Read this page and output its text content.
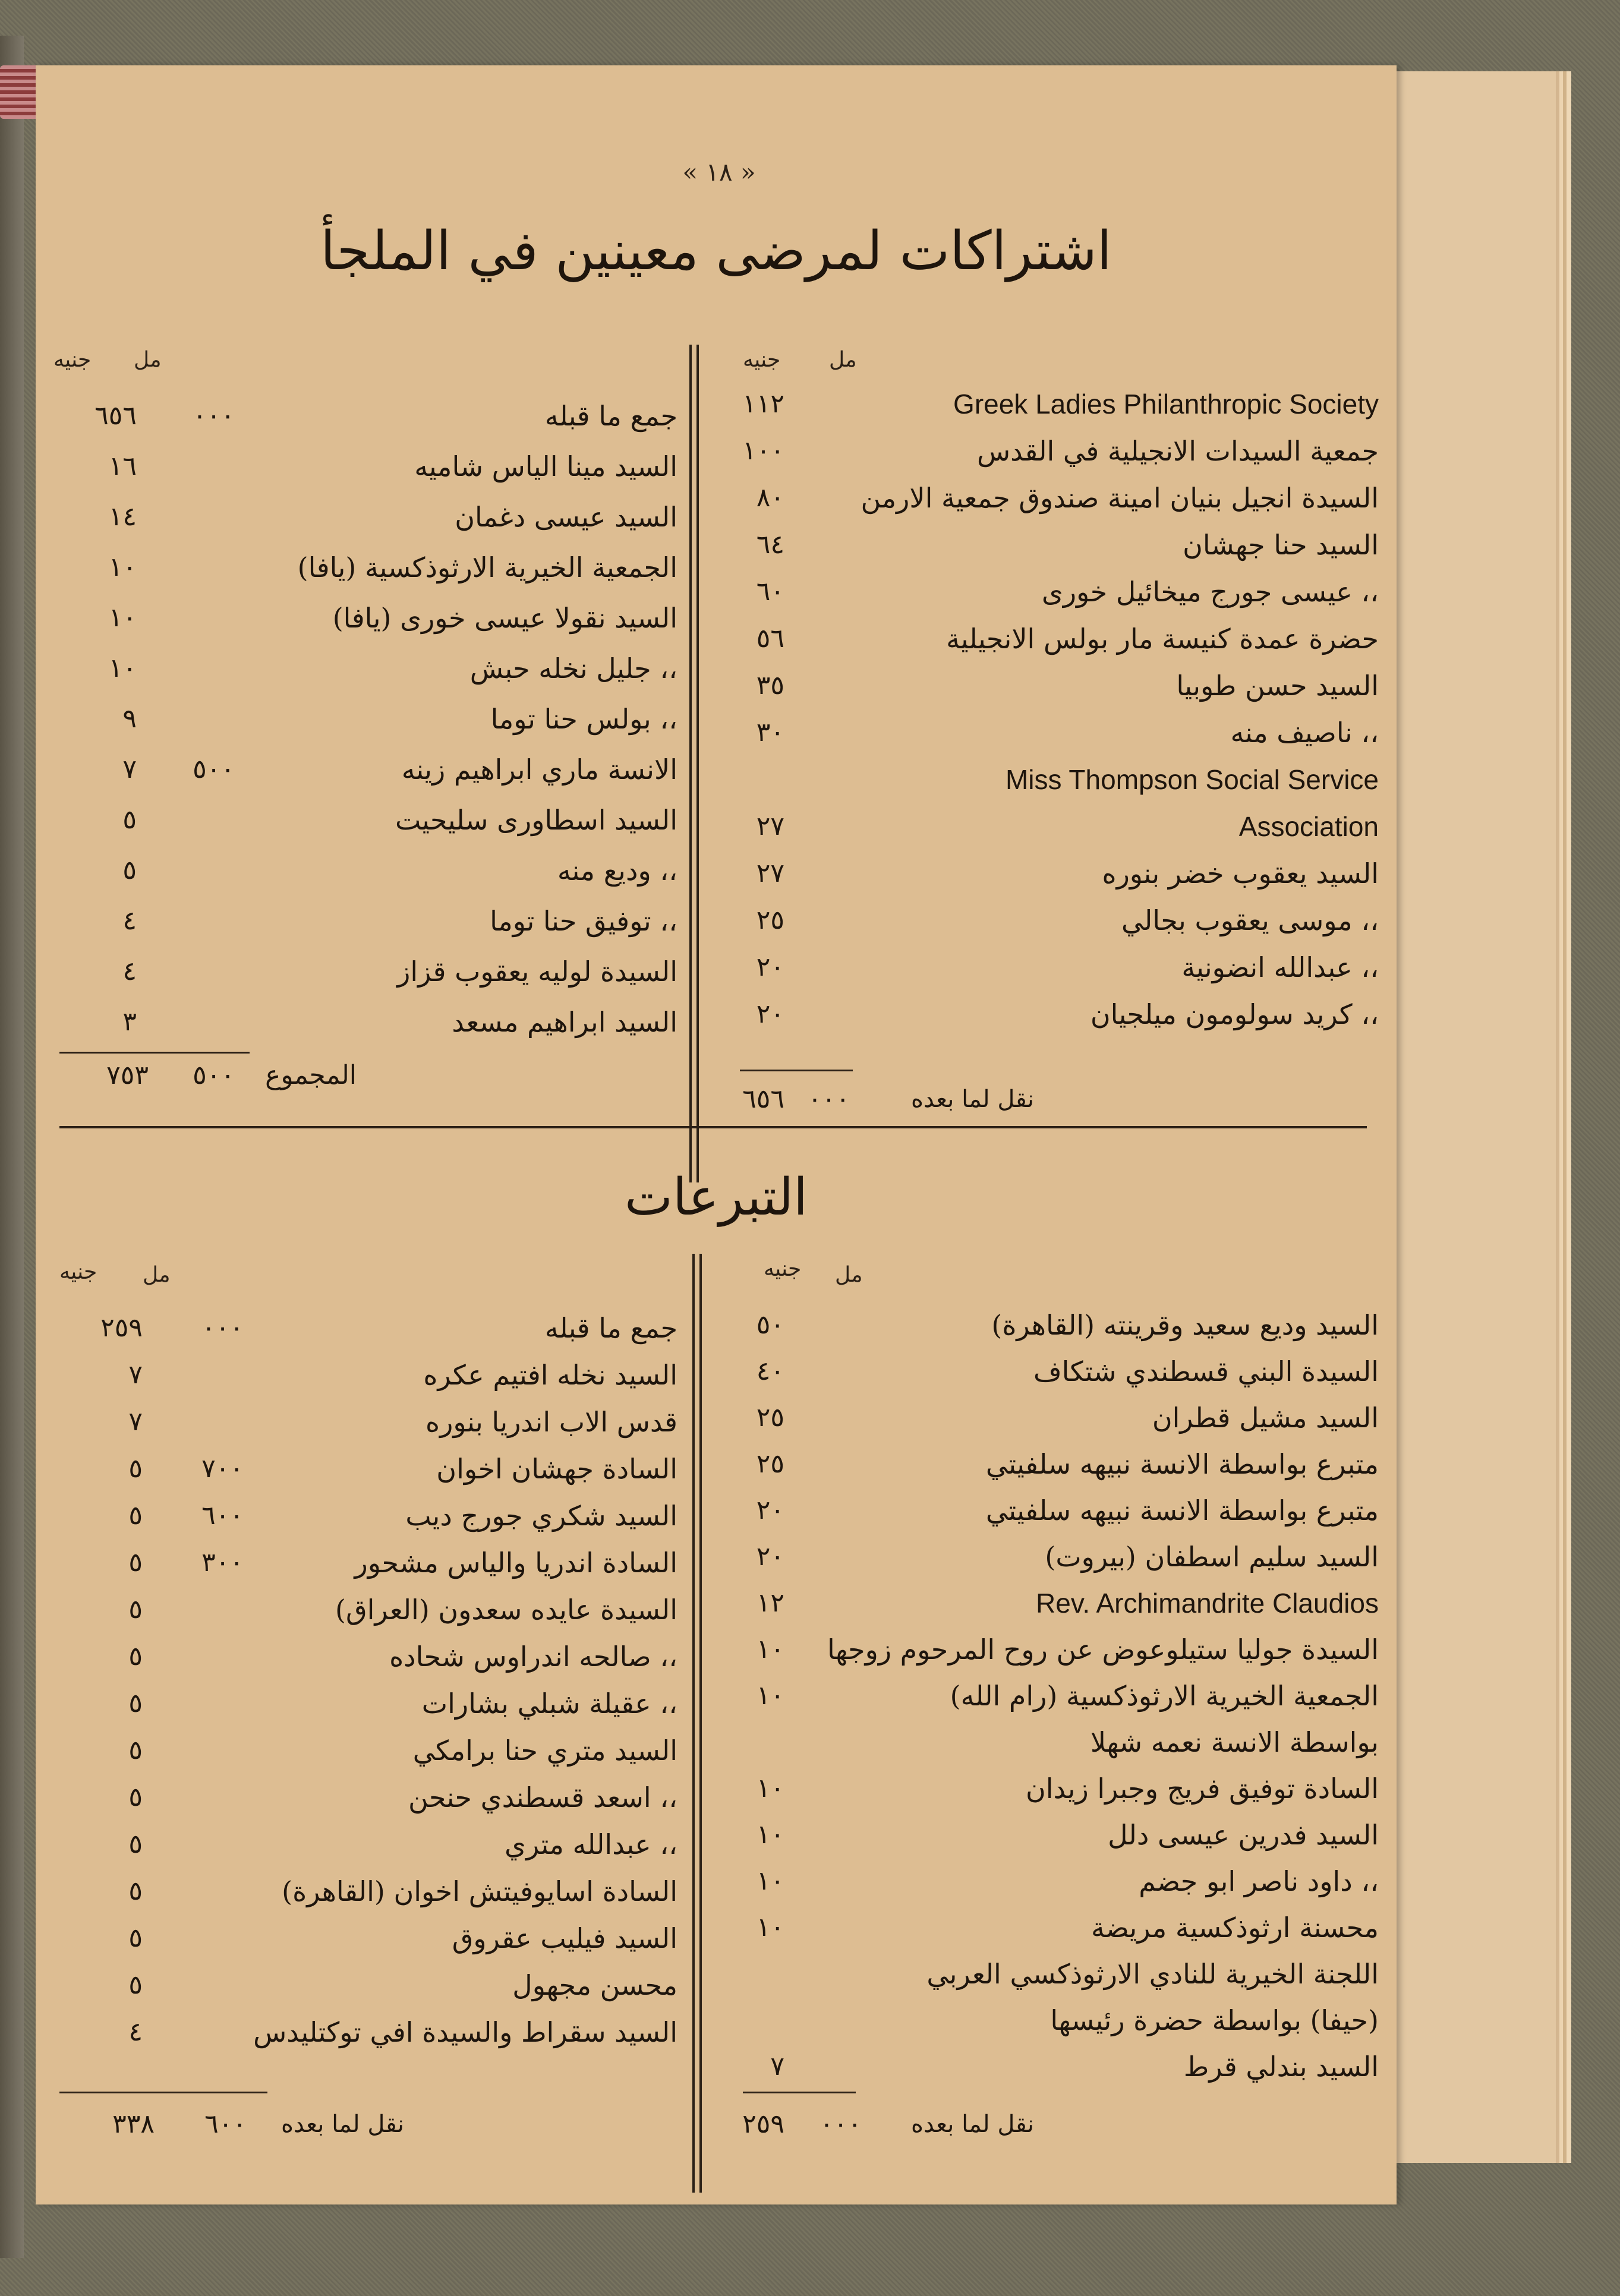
« ١٨ »
اشتراكات لمرضى معينين في الملجأ
جنيه مل
جنيه مل
Greek Ladies Philanthropic Society
١١٢
جمعية السيدات الانجيلية في القدس
١٠٠
السيدة انجيل بنيان امينة صندوق جمعية الارمن
٨٠
السيد حنا جهشان
٦٤
،، عيسى جورج ميخائيل خورى
٦٠
حضرة عمدة كنيسة مار بولس الانجيلية
٥٦
السيد حسن طوبيا
٣٥
،، ناصيف منه
٣٠
Miss Thompson Social Service
Association
٢٧
السيد يعقوب خضر بنوره
٢٧
،، موسى يعقوب بجالي
٢٥
،، عبدالله انضونية
٢٠
،، كريد سولومون ميلجيان
٢٠
جمع ما قبله
٠٠٠
٦٥٦
السيد مينا الياس شاميه
١٦
السيد عيسى دغمان
١٤
الجمعية الخيرية الارثوذكسية (يافا)
١٠
السيد نقولا عيسى خورى (يافا)
١٠
،، جليل نخله حبش
١٠
،، بولس حنا توما
٩
الانسة ماري ابراهيم زينه
٥٠٠
٧
السيد اسطاورى سليحيت
٥
،، وديع منه
٥
،، توفيق حنا توما
٤
السيدة لوليه يعقوب قزاز
٤
السيد ابراهيم مسعد
٣
نقل لما بعده
٠٠٠
٦٥٦
المجموع
٥٠٠
٧٥٣
التبرعات
جنيه مل
جنيه مل
السيد وديع سعيد وقرينته (القاهرة)
٥٠
السيدة البني قسطندي شتكاف
٤٠
السيد مشيل قطران
٢٥
متبرع بواسطة الانسة نبيهه سلفيتي
٢٥
متبرع بواسطة الانسة نبيهه سلفيتي
٢٠
السيد سليم اسطفان (بيروت)
٢٠
Rev. Archimandrite Claudios
١٢
السيدة جوليا ستيلوعوض عن روح المرحوم زوجها
١٠
الجمعية الخيرية الارثوذكسية (رام الله)
١٠
بواسطة الانسة نعمه شهلا
السادة توفيق فريج وجبرا زيدان
١٠
السيد فدرين عيسى دلل
١٠
،، داود ناصر ابو جضم
١٠
محسنة ارثوذكسية مريضة
١٠
اللجنة الخيرية للنادي الارثوذكسي العربي
(حيفا) بواسطة حضرة رئيسها
السيد بندلي قرط
٧
جمع ما قبله
٠٠٠
٢٥٩
السيد نخله افتيم عكره
٧
قدس الاب اندريا بنوره
٧
السادة جهشان اخوان
٧٠٠
٥
السيد شكري جورج ديب
٦٠٠
٥
السادة اندريا والياس مشحور
٣٠٠
٥
السيدة عايده سعدون (العراق)
٥
،، صالحه اندراوس شحاده
٥
،، عقيلة شبلي بشارات
٥
السيد متري حنا برامكي
٥
،، اسعد قسطندي حنحن
٥
،، عبدالله متري
٥
السادة اسايوفيتش اخوان (القاهرة)
٥
السيد فيليب عقروق
٥
محسن مجهول
٥
السيد سقراط والسيدة افي توكتليدس
٤
نقل لما بعده
٠٠٠
٢٥٩
نقل لما بعده
٦٠٠
٣٣٨
